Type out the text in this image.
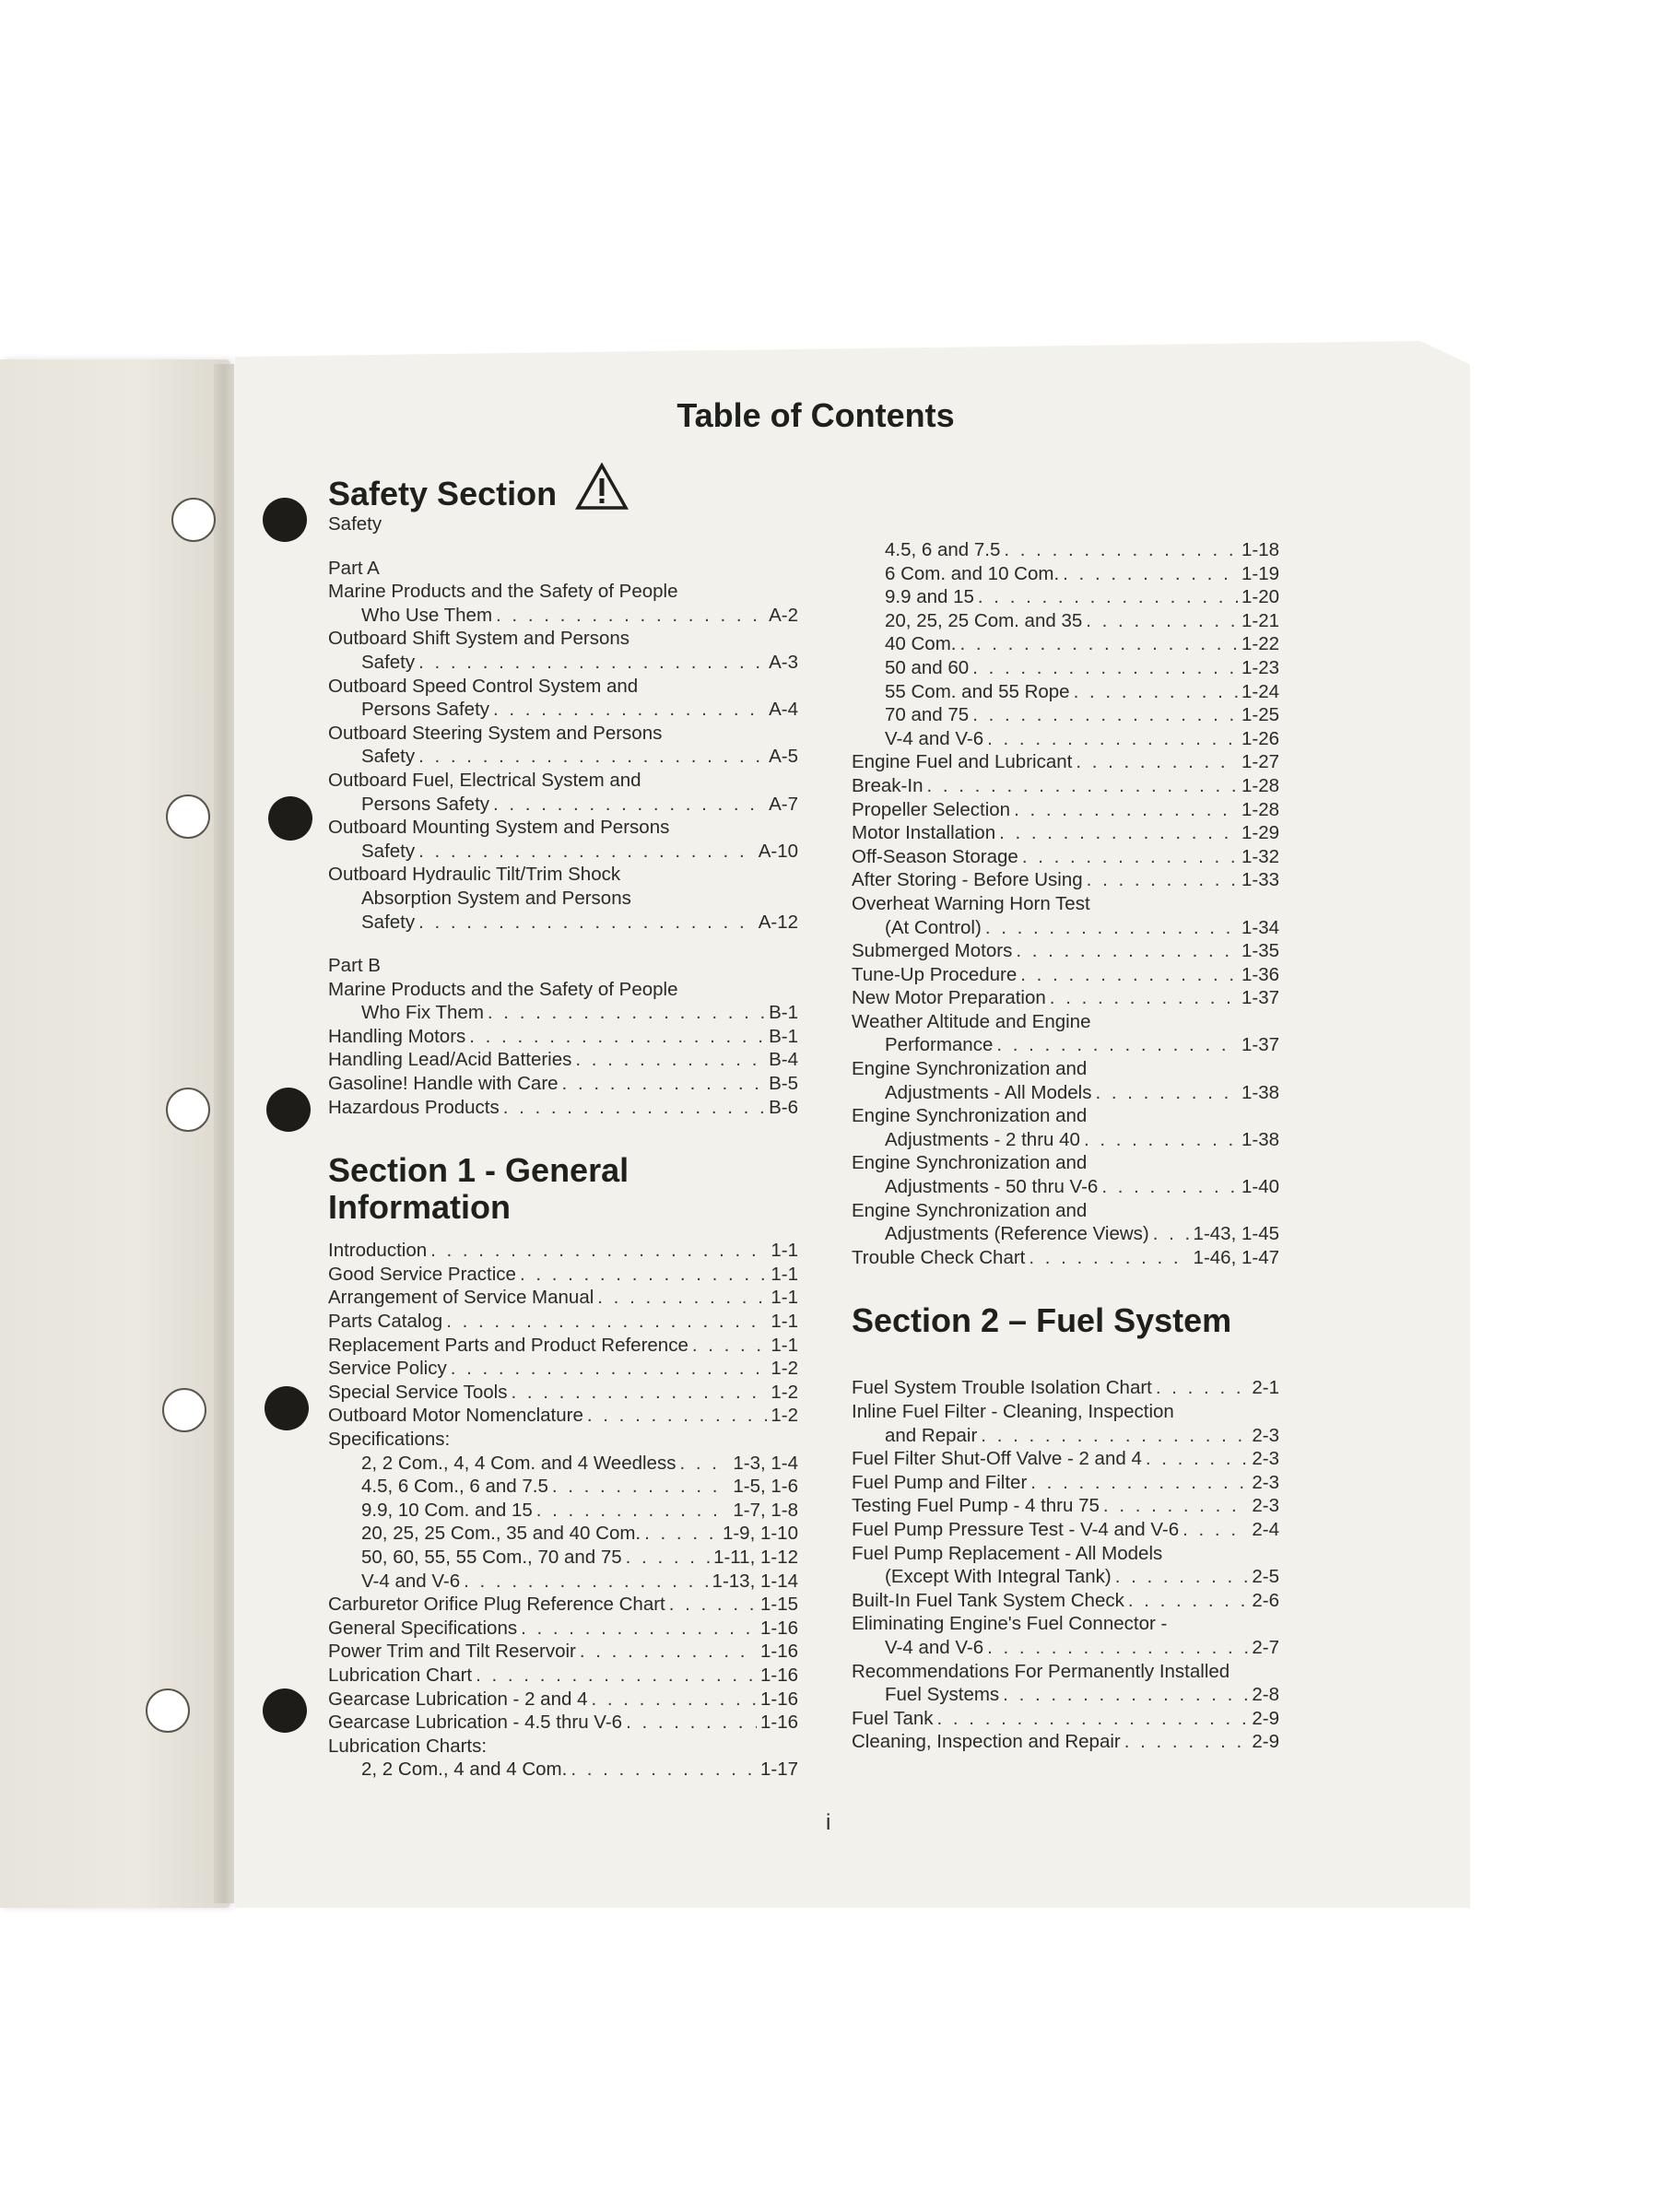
Table of Contents
Safety Section
Safety
Part A
Marine Products and the Safety of People
Who Use Them . . .	A-2
Outboard Shift System and Persons
Safety . . .	A-3
Outboard Speed Control System and
Persons Safety . . .	A-4
Outboard Steering System and Persons
Safety . . .	A-5
Outboard Fuel, Electrical System and
Persons Safety . . .	A-7
Outboard Mounting System and Persons
Safety . . .	A-10
Outboard Hydraulic Tilt/Trim Shock
Absorption System and Persons
Safety . . .	A-12
Part B
Marine Products and the Safety of People
Who Fix Them . . .	B-1
Handling Motors . . .	B-1
Handling Lead/Acid Batteries . . .	B-4
Gasoline! Handle with Care . . .	B-5
Hazardous Products . . .	B-6
Section 1 - General
Information
Introduction . . .	1-1
Good Service Practice . . .	1-1
Arrangement of Service Manual . . .	1-1
Parts Catalog . . .	1-1
Replacement Parts and Product Reference . . .	1-1
Service Policy . . .	1-2
Special Service Tools . . .	1-2
Outboard Motor Nomenclature . . .	1-2
Specifications:
2, 2 Com., 4, 4 Com. and 4 Weedless . . .	1-3, 1-4
4.5, 6 Com., 6 and 7.5 . . .	1-5, 1-6
9.9, 10 Com. and 15 . . .	1-7, 1-8
20, 25, 25 Com., 35 and 40 Com. . . .	1-9, 1-10
50, 60, 55, 55 Com., 70 and 75 . . .	1-11, 1-12
V-4 and V-6 . . .	1-13, 1-14
Carburetor Orifice Plug Reference Chart . . .	1-15
General Specifications . . .	1-16
Power Trim and Tilt Reservoir . . .	1-16
Lubrication Chart . . .	1-16
Gearcase Lubrication - 2 and 4 . . .	1-16
Gearcase Lubrication - 4.5 thru V-6 . . .	1-16
Lubrication Charts:
2, 2 Com., 4 and 4 Com. . . .	1-17
4.5, 6 and 7.5 . . .	1-18
6 Com. and 10 Com. . . .	1-19
9.9 and 15 . . .	1-20
20, 25, 25 Com. and 35 . . .	1-21
40 Com. . . .	1-22
50 and 60 . . .	1-23
55 Com. and 55 Rope . . .	1-24
70 and 75 . . .	1-25
V-4 and V-6 . . .	1-26
Engine Fuel and Lubricant . . .	1-27
Break-In . . .	1-28
Propeller Selection . . .	1-28
Motor Installation . . .	1-29
Off-Season Storage . . .	1-32
After Storing - Before Using . . .	1-33
Overheat Warning Horn Test
(At Control) . . .	1-34
Submerged Motors . . .	1-35
Tune-Up Procedure . . .	1-36
New Motor Preparation . . .	1-37
Weather Altitude and Engine
Performance . . .	1-37
Engine Synchronization and
Adjustments - All Models . . .	1-38
Engine Synchronization and
Adjustments - 2 thru 40 . . .	1-38
Engine Synchronization and
Adjustments - 50 thru V-6 . . .	1-40
Engine Synchronization and
Adjustments (Reference Views) . . . 1-43, 1-45
Trouble Check Chart . . .	1-46, 1-47
Section 2 – Fuel System
Fuel System Trouble Isolation Chart . . .	2-1
Inline Fuel Filter - Cleaning, Inspection
and Repair . . .	2-3
Fuel Filter Shut-Off Valve - 2 and 4 . . .	2-3
Fuel Pump and Filter . . .	2-3
Testing Fuel Pump - 4 thru 75 . . .	2-3
Fuel Pump Pressure Test - V-4 and V-6 . . .	2-4
Fuel Pump Replacement - All Models
(Except With Integral Tank) . . .	2-5
Built-In Fuel Tank System Check . . .	2-6
Eliminating Engine's Fuel Connector -
V-4 and V-6 . . .	2-7
Recommendations For Permanently Installed
Fuel Systems . . .	2-8
Fuel Tank . . .	2-9
Cleaning, Inspection and Repair . . .	2-9
i
